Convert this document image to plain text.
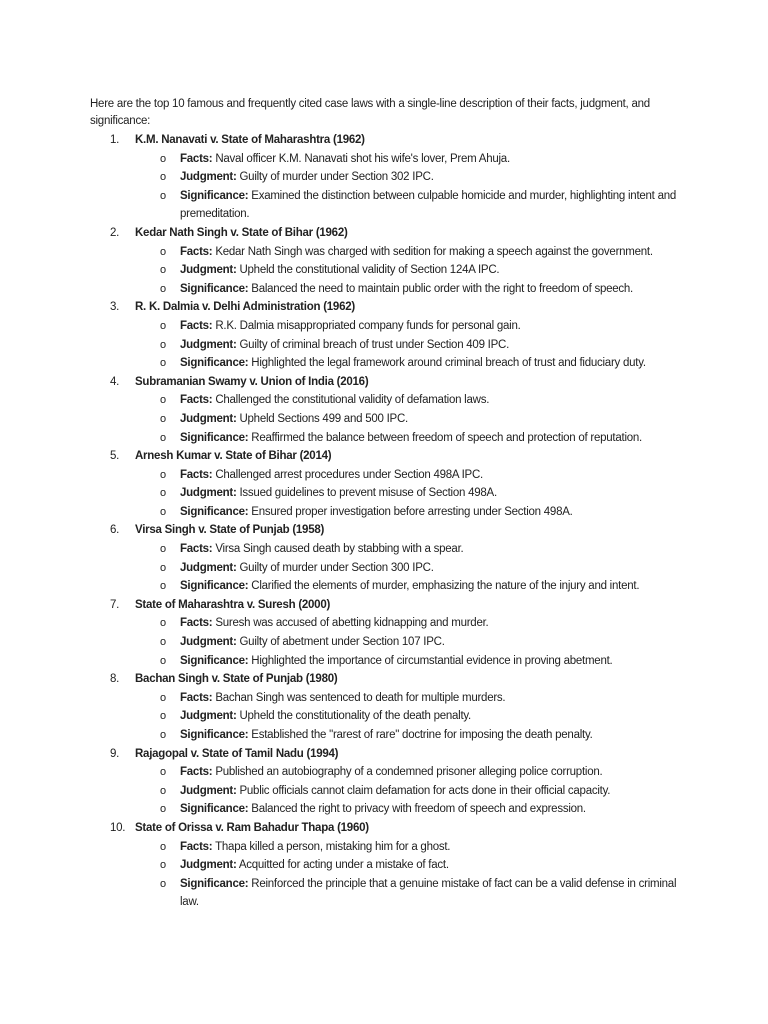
Here are the top 10 famous and frequently cited case laws with a single-line description of their facts, judgment, and significance:
1.	K.M. Nanavati v. State of Maharashtra (1962)
o Facts: Naval officer K.M. Nanavati shot his wife's lover, Prem Ahuja.
o Judgment: Guilty of murder under Section 302 IPC.
o Significance: Examined the distinction between culpable homicide and murder, highlighting intent and premeditation.
2.	Kedar Nath Singh v. State of Bihar (1962)
o Facts: Kedar Nath Singh was charged with sedition for making a speech against the government.
o Judgment: Upheld the constitutional validity of Section 124A IPC.
o Significance: Balanced the need to maintain public order with the right to freedom of speech.
3.	R. K. Dalmia v. Delhi Administration (1962)
o Facts: R.K. Dalmia misappropriated company funds for personal gain.
o Judgment: Guilty of criminal breach of trust under Section 409 IPC.
o Significance: Highlighted the legal framework around criminal breach of trust and fiduciary duty.
4.	Subramanian Swamy v. Union of India (2016)
o Facts: Challenged the constitutional validity of defamation laws.
o Judgment: Upheld Sections 499 and 500 IPC.
o Significance: Reaffirmed the balance between freedom of speech and protection of reputation.
5.	Arnesh Kumar v. State of Bihar (2014)
o Facts: Challenged arrest procedures under Section 498A IPC.
o Judgment: Issued guidelines to prevent misuse of Section 498A.
o Significance: Ensured proper investigation before arresting under Section 498A.
6.	Virsa Singh v. State of Punjab (1958)
o Facts: Virsa Singh caused death by stabbing with a spear.
o Judgment: Guilty of murder under Section 300 IPC.
o Significance: Clarified the elements of murder, emphasizing the nature of the injury and intent.
7.	State of Maharashtra v. Suresh (2000)
o Facts: Suresh was accused of abetting kidnapping and murder.
o Judgment: Guilty of abetment under Section 107 IPC.
o Significance: Highlighted the importance of circumstantial evidence in proving abetment.
8.	Bachan Singh v. State of Punjab (1980)
o Facts: Bachan Singh was sentenced to death for multiple murders.
o Judgment: Upheld the constitutionality of the death penalty.
o Significance: Established the "rarest of rare" doctrine for imposing the death penalty.
9.	Rajagopal v. State of Tamil Nadu (1994)
o Facts: Published an autobiography of a condemned prisoner alleging police corruption.
o Judgment: Public officials cannot claim defamation for acts done in their official capacity.
o Significance: Balanced the right to privacy with freedom of speech and expression.
10. State of Orissa v. Ram Bahadur Thapa (1960)
o Facts: Thapa killed a person, mistaking him for a ghost.
o Judgment: Acquitted for acting under a mistake of fact.
o Significance: Reinforced the principle that a genuine mistake of fact can be a valid defense in criminal law.
